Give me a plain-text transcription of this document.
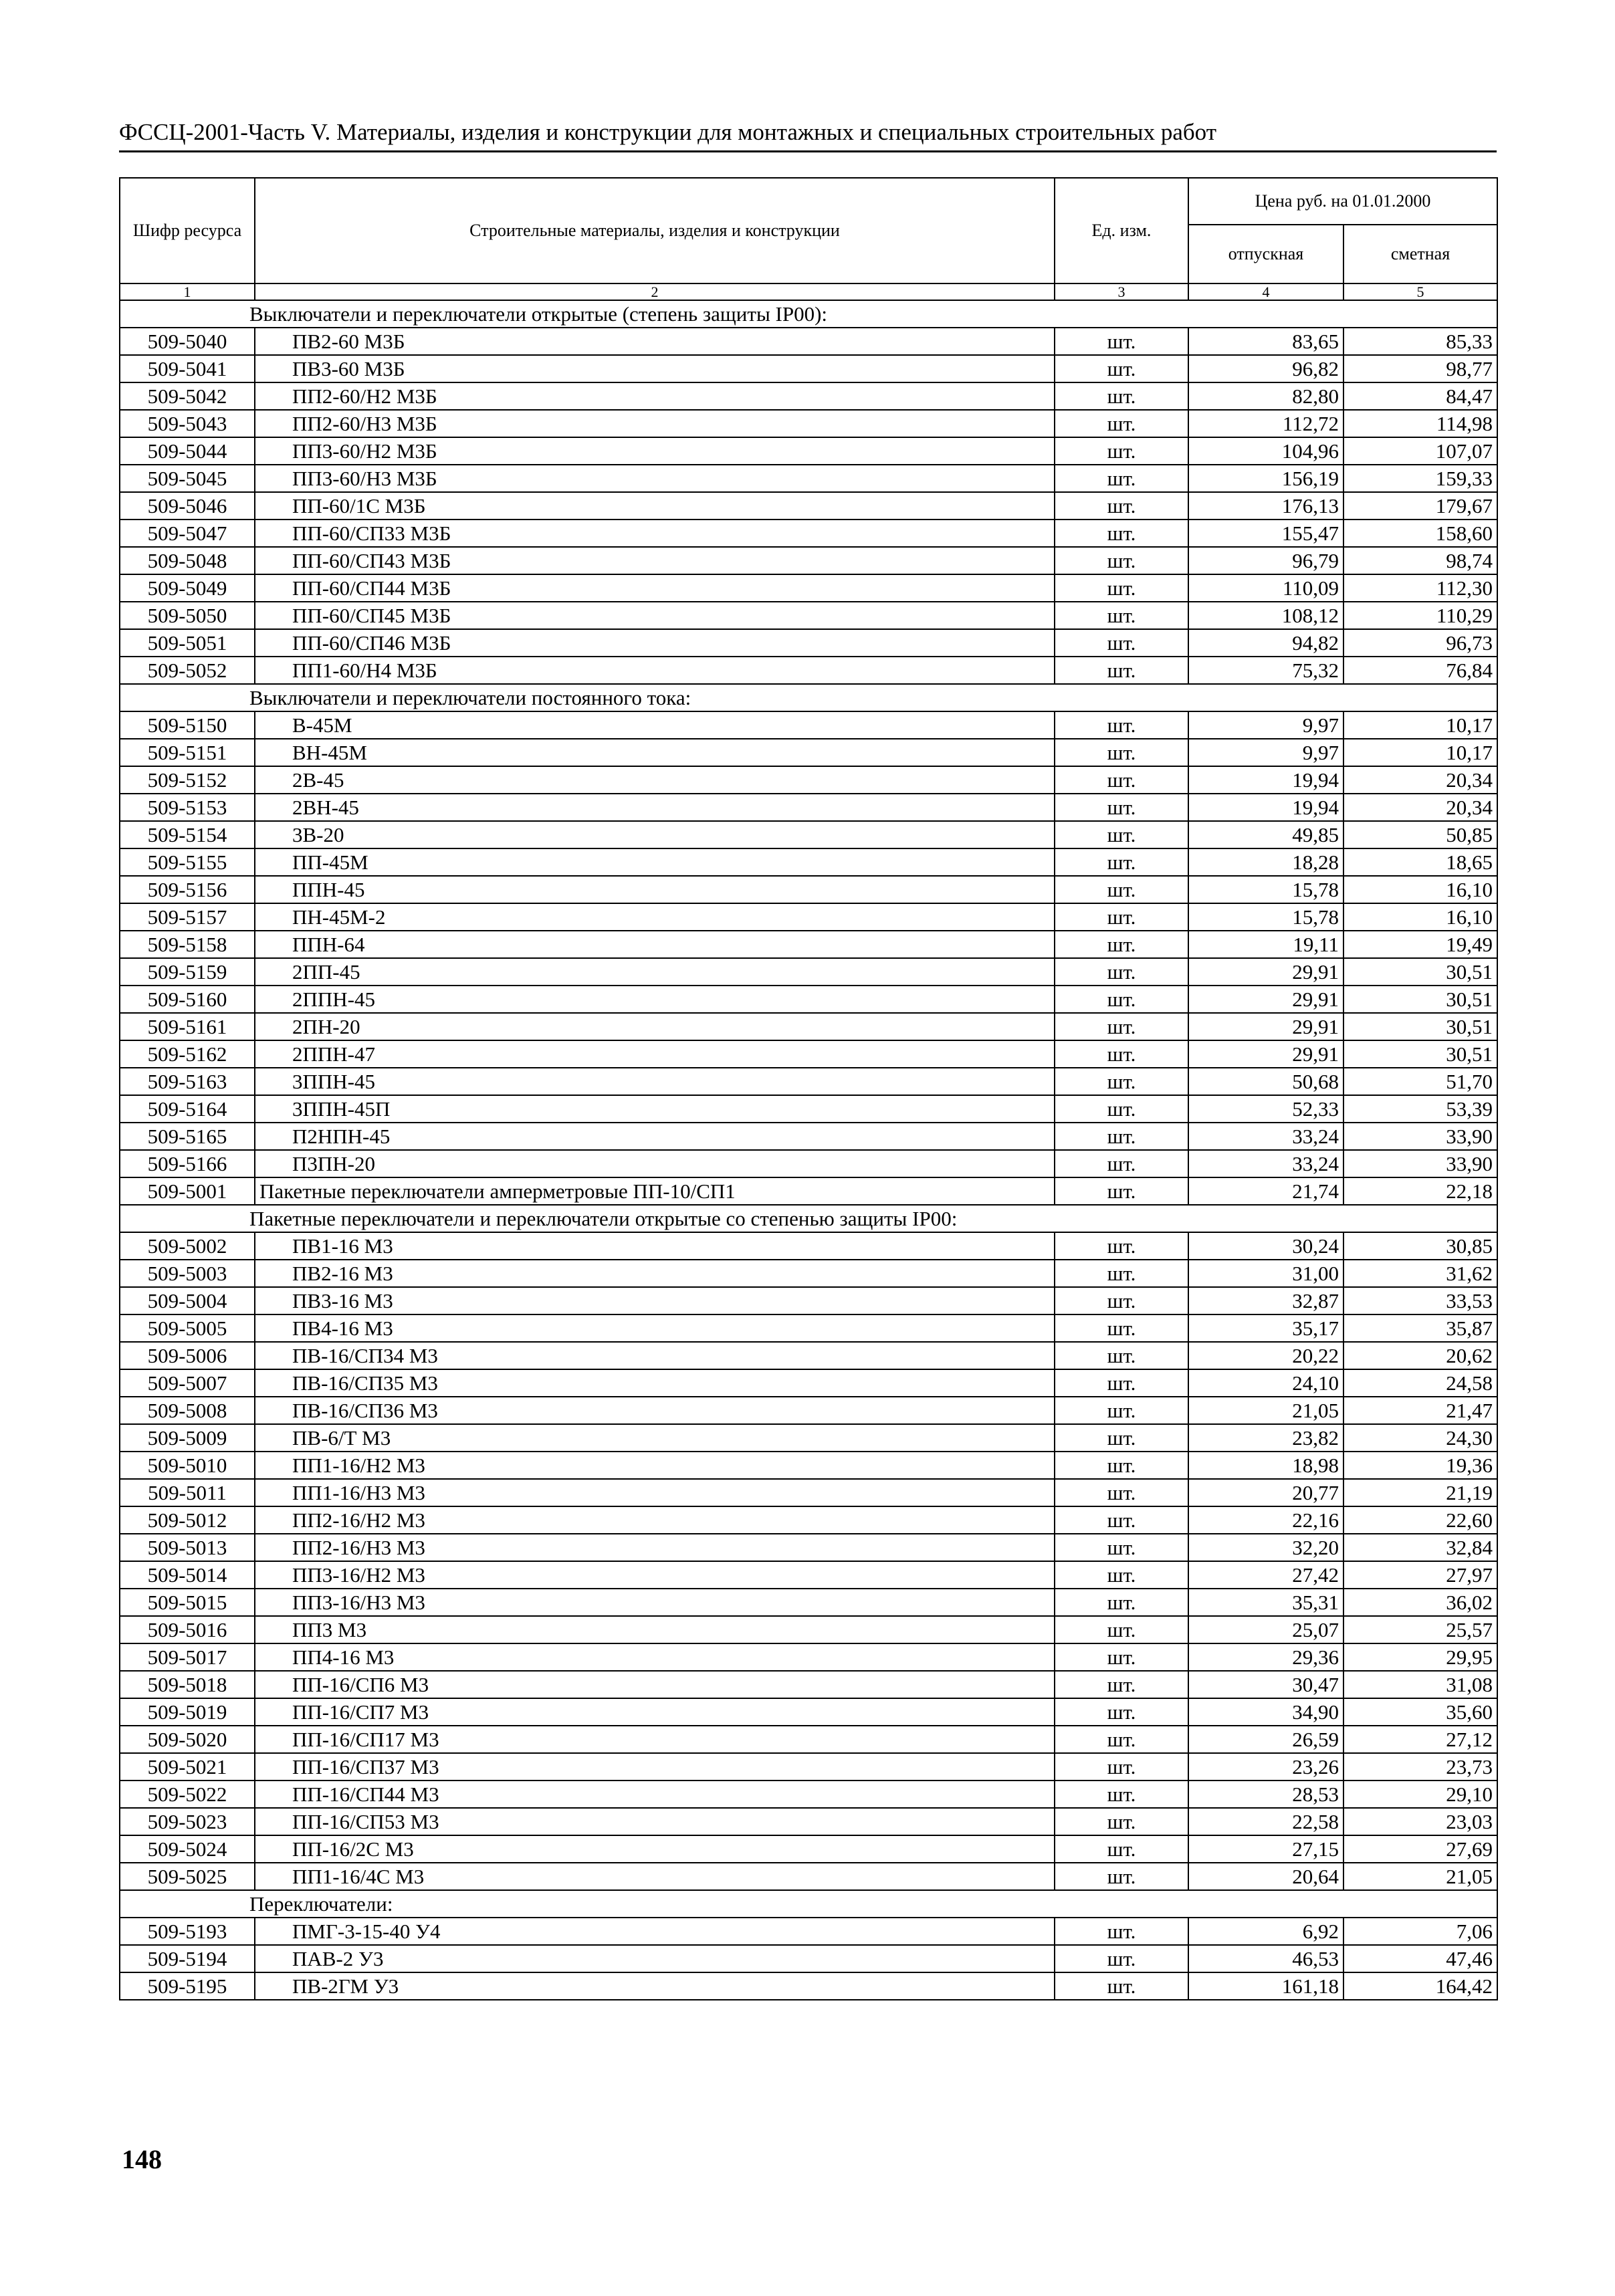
ФССЦ-2001-Часть V. Материалы, изделия и конструкции для монтажных и специальных строительных работ
Шифр ресурса	Строительные материалы, изделия и конструкции	Ед. изм.	Цена руб. на 01.01.2000	
			отпускная	сметная
1	2	3	4	5
Выключатели и переключатели открытые (степень защиты IP00):				
509-5040	ПВ2-60 М3Б	шт.	83,65	85,33
509-5041	ПВ3-60 М3Б	шт.	96,82	98,77
509-5042	ПП2-60/Н2 М3Б	шт.	82,80	84,47
509-5043	ПП2-60/Н3 М3Б	шт.	112,72	114,98
509-5044	ПП3-60/Н2 М3Б	шт.	104,96	107,07
509-5045	ПП3-60/Н3 М3Б	шт.	156,19	159,33
509-5046	ПП-60/1С М3Б	шт.	176,13	179,67
509-5047	ПП-60/СП33 М3Б	шт.	155,47	158,60
509-5048	ПП-60/СП43 М3Б	шт.	96,79	98,74
509-5049	ПП-60/СП44 М3Б	шт.	110,09	112,30
509-5050	ПП-60/СП45 М3Б	шт.	108,12	110,29
509-5051	ПП-60/СП46 М3Б	шт.	94,82	96,73
509-5052	ПП1-60/Н4 М3Б	шт.	75,32	76,84
Выключатели и переключатели постоянного тока:				
509-5150	В-45М	шт.	9,97	10,17
509-5151	ВН-45М	шт.	9,97	10,17
509-5152	2В-45	шт.	19,94	20,34
509-5153	2ВН-45	шт.	19,94	20,34
509-5154	3В-20	шт.	49,85	50,85
509-5155	ПП-45М	шт.	18,28	18,65
509-5156	ППН-45	шт.	15,78	16,10
509-5157	ПН-45М-2	шт.	15,78	16,10
509-5158	ППН-64	шт.	19,11	19,49
509-5159	2ПП-45	шт.	29,91	30,51
509-5160	2ППН-45	шт.	29,91	30,51
509-5161	2ПН-20	шт.	29,91	30,51
509-5162	2ППН-47	шт.	29,91	30,51
509-5163	3ППН-45	шт.	50,68	51,70
509-5164	3ППН-45П	шт.	52,33	53,39
509-5165	П2НПН-45	шт.	33,24	33,90
509-5166	П3ПН-20	шт.	33,24	33,90
509-5001	Пакетные переключатели амперметровые ПП-10/СП1	шт.	21,74	22,18
Пакетные переключатели и переключатели открытые со степенью защиты IP00:				
509-5002	ПВ1-16 М3	шт.	30,24	30,85
509-5003	ПВ2-16 М3	шт.	31,00	31,62
509-5004	ПВ3-16 М3	шт.	32,87	33,53
509-5005	ПВ4-16 М3	шт.	35,17	35,87
509-5006	ПВ-16/СП34 М3	шт.	20,22	20,62
509-5007	ПВ-16/СП35 М3	шт.	24,10	24,58
509-5008	ПВ-16/СП36 М3	шт.	21,05	21,47
509-5009	ПВ-6/Т М3	шт.	23,82	24,30
509-5010	ПП1-16/Н2 М3	шт.	18,98	19,36
509-5011	ПП1-16/Н3 М3	шт.	20,77	21,19
509-5012	ПП2-16/Н2 М3	шт.	22,16	22,60
509-5013	ПП2-16/Н3 М3	шт.	32,20	32,84
509-5014	ПП3-16/Н2 М3	шт.	27,42	27,97
509-5015	ПП3-16/Н3 М3	шт.	35,31	36,02
509-5016	ПП3 М3	шт.	25,07	25,57
509-5017	ПП4-16 М3	шт.	29,36	29,95
509-5018	ПП-16/СП6 М3	шт.	30,47	31,08
509-5019	ПП-16/СП7 М3	шт.	34,90	35,60
509-5020	ПП-16/СП17 М3	шт.	26,59	27,12
509-5021	ПП-16/СП37 М3	шт.	23,26	23,73
509-5022	ПП-16/СП44 М3	шт.	28,53	29,10
509-5023	ПП-16/СП53 М3	шт.	22,58	23,03
509-5024	ПП-16/2С М3	шт.	27,15	27,69
509-5025	ПП1-16/4С М3	шт.	20,64	21,05
Переключатели:				
509-5193	ПМГ-3-15-40 У4	шт.	6,92	7,06
509-5194	ПАВ-2 У3	шт.	46,53	47,46
509-5195	ПВ-2ГМ У3	шт.	161,18	164,42
148
